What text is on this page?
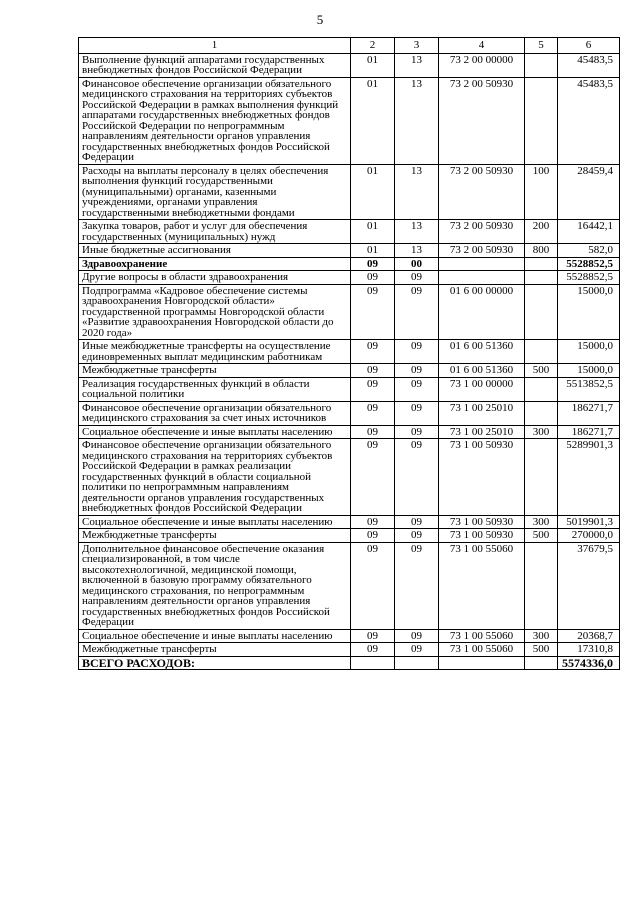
5
1	2	3	4	5	6
Выполнение функций аппаратами государственных внебюджетных фондов Российской Федерации	01	13	73 2 00 00000		45483,5
Финансовое обеспечение организации обязательного медицинского страхования на территориях субъектов Российской Федерации в рамках выполнения функций аппаратами государственных внебюджетных фондов Российской Федерации по непрограммным направлениям деятельности органов управления государственных внебюджетных фондов Российской Федерации	01	13	73 2 00 50930		45483,5
Расходы на выплаты персоналу в целях обеспечения выполнения функций государственными (муниципальными) органами, казенными учреждениями, органами управления государственными внебюджетными фондами	01	13	73 2 00 50930	100	28459,4
Закупка товаров, работ и услуг для обеспечения государственных (муниципальных) нужд	01	13	73 2 00 50930	200	16442,1
Иные бюджетные ассигнования	01	13	73 2 00 50930	800	582,0
Здравоохранение	09	00			5528852,5
Другие вопросы в области здравоохранения	09	09			5528852,5
Подпрограмма «Кадровое обеспечение системы здравоохранения Новгородской области» государственной программы Новгородской области «Развитие здравоохранения Новгородской области до 2020 года»	09	09	01 6 00 00000		15000,0
Иные межбюджетные трансферты на осуществление единовременных выплат медицинским работникам	09	09	01 6 00 51360		15000,0
Межбюджетные трансферты	09	09	01 6 00 51360	500	15000,0
Реализация государственных функций в области социальной политики	09	09	73 1 00 00000		5513852,5
Финансовое обеспечение организации обязательного медицинского страхования за счет иных источников	09	09	73 1 00 25010		186271,7
Социальное обеспечение и иные выплаты населению	09	09	73 1 00 25010	300	186271,7
Финансовое обеспечение организации обязательного медицинского страхования на территориях субъектов Российской Федерации в рамках реализации государственных функций в области социальной политики по непрограммным направлениям деятельности органов управления государственных внебюджетных фондов Российской Федерации	09	09	73 1 00 50930		5289901,3
Социальное обеспечение и иные выплаты населению	09	09	73 1 00 50930	300	5019901,3
Межбюджетные трансферты	09	09	73 1 00 50930	500	270000,0
Дополнительное финансовое обеспечение оказания специализированной, в том числе высокотехнологичной, медицинской помощи, включенной в базовую программу обязательного медицинского страхования, по непрограммным направлениям деятельности органов управления государственных внебюджетных фондов Российской Федерации	09	09	73 1 00 55060		37679,5
Социальное обеспечение и иные выплаты населению	09	09	73 1 00 55060	300	20368,7
Межбюджетные трансферты	09	09	73 1 00 55060	500	17310,8
ВСЕГО РАСХОДОВ:					5574336,0
